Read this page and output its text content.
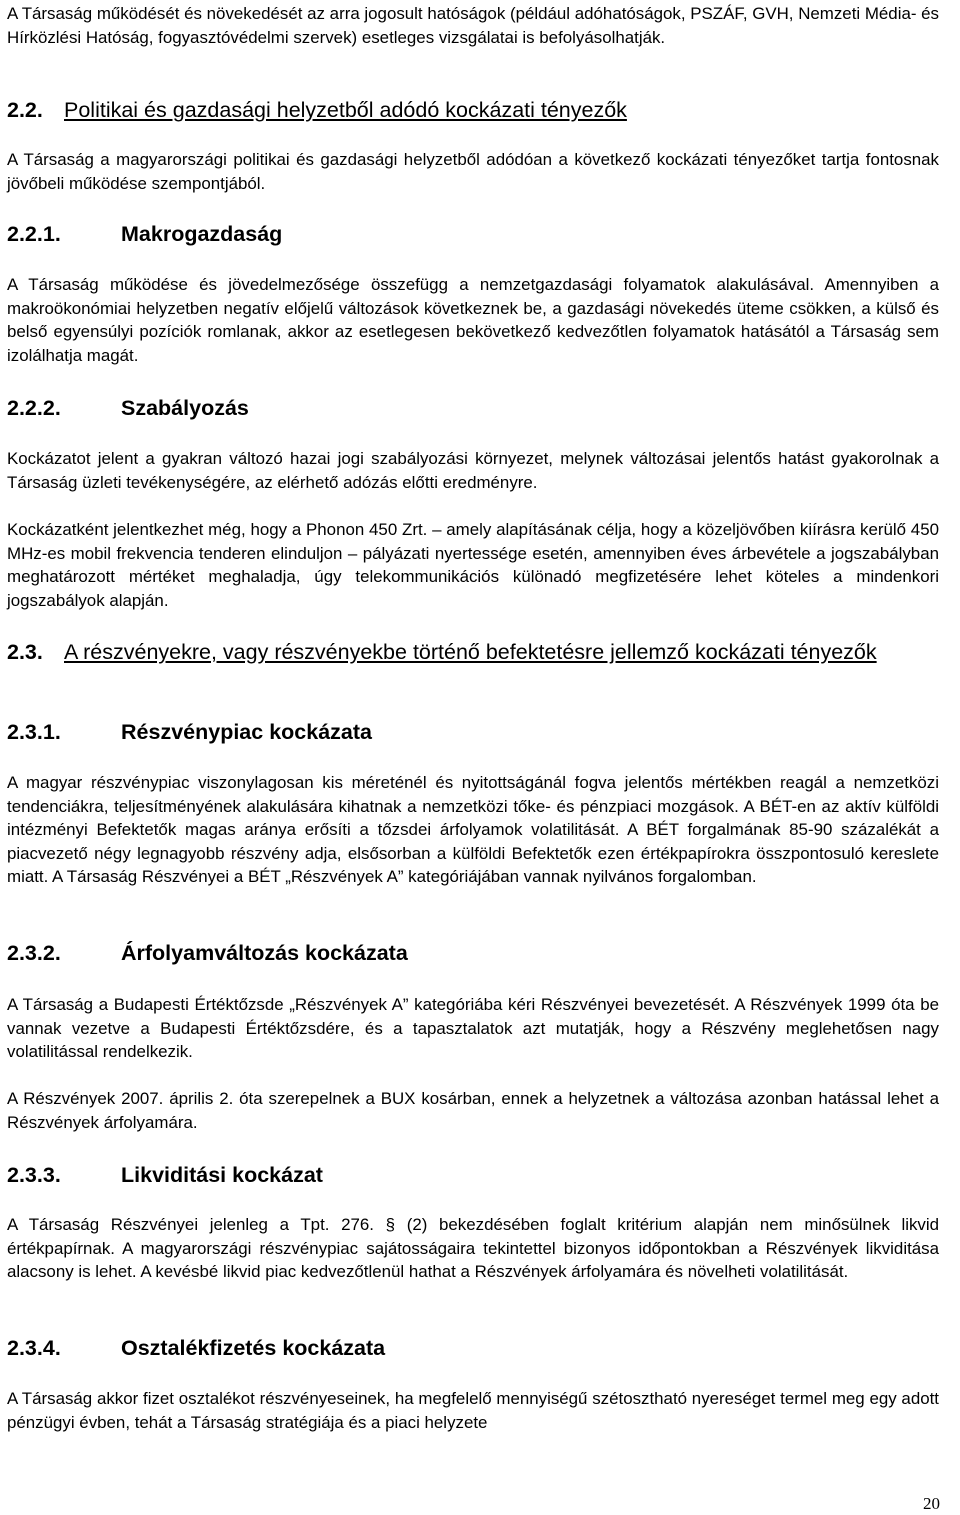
A Társaság működését és növekedését az arra jogosult hatóságok (például adóhatóságok, PSZÁF, GVH, Nemzeti Média- és Hírközlési Hatóság, fogyasztóvédelmi szervek) esetleges vizsgálatai is befolyásolhatják.

2.2. Politikai és gazdasági helyzetből adódó kockázati tényezők

A Társaság a magyarországi politikai és gazdasági helyzetből adódóan a következő kockázati tényezőket tartja fontosnak jövőbeli működése szempontjából.

2.2.1.	Makrogazdaság

A Társaság működése és jövedelmezősége összefügg a nemzetgazdasági folyamatok alakulásával. Amennyiben a makroökonómiai helyzetben negatív előjelű változások következnek be, a gazdasági növekedés üteme csökken, a külső és belső egyensúlyi pozíciók romlanak, akkor az esetlegesen bekövetkező kedvezőtlen folyamatok hatásától a Társaság sem izolálhatja magát.

2.2.2.	Szabályozás

Kockázatot jelent a gyakran változó hazai jogi szabályozási környezet, melynek változásai jelentős hatást gyakorolnak a Társaság üzleti tevékenységére, az elérhető adózás előtti eredményre.

Kockázatként jelentkezhet még, hogy a Phonon 450 Zrt. – amely alapításának célja, hogy a közeljövőben kiírásra kerülő 450 MHz-es mobil frekvencia tenderen elinduljon – pályázati nyertessége esetén, amennyiben éves árbevétele a jogszabályban meghatározott mértéket meghaladja, úgy telekommunikációs különadó megfizetésére lehet köteles a mindenkori jogszabályok alapján.

2.3. A részvényekre, vagy részvényekbe történő befektetésre jellemző kockázati tényezők
2.3.1.	Részvénypiac kockázata

A magyar részvénypiac viszonylagosan kis méreténél és nyitottságánál fogva jelentős mértékben reagál a nemzetközi tendenciákra, teljesítményének alakulására kihatnak a nemzetközi tőke- és pénzpiaci mozgások. A BÉT-en az aktív külföldi intézményi Befektetők magas aránya erősíti a tőzsdei árfolyamok volatilitását. A BÉT forgalmának 85-90 százalékát a piacvezető négy legnagyobb részvény adja, elsősorban a külföldi Befektetők ezen értékpapírokra összpontosuló kereslete miatt. A Társaság Részvényei a BÉT „Részvények A” kategóriájában vannak nyilvános forgalomban.

2.3.2.	Árfolyamváltozás kockázata

A Társaság a Budapesti Értéktőzsde „Részvények A” kategóriába kéri Részvényei bevezetését. A Részvények 1999 óta be vannak vezetve a Budapesti Értéktőzsdére, és a tapasztalatok azt mutatják, hogy a Részvény meglehetősen nagy volatilitással rendelkezik.

A Részvények 2007. április 2. óta szerepelnek a BUX kosárban, ennek a helyzetnek a változása azonban hatással lehet a Részvények árfolyamára.

2.3.3.	Likviditási kockázat

A Társaság Részvényei jelenleg a Tpt. 276. § (2) bekezdésében foglalt kritérium alapján nem minősülnek likvid értékpapírnak. A magyarországi részvénypiac sajátosságaira tekintettel bizonyos időpontokban a Részvények likviditása alacsony is lehet. A kevésbé likvid piac kedvezőtlenül hathat a Részvények árfolyamára és növelheti volatilitását.

2.3.4.	Osztalékfizetés kockázata

A Társaság akkor fizet osztalékot részvényeseinek, ha megfelelő mennyiségű szétosztható nyereséget termel meg egy adott pénzügyi évben, tehát a Társaság stratégiája és a piaci helyzete

20
